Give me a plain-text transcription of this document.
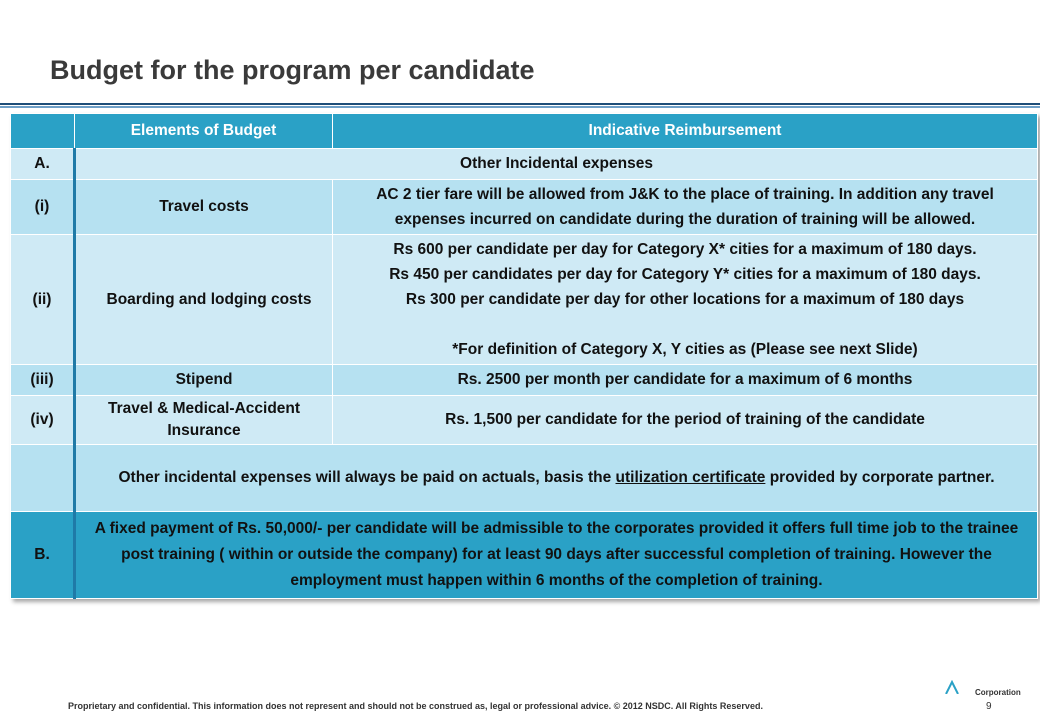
Budget for the program per candidate
	Elements of Budget	Indicative Reimbursement
A.	Other Incidental expenses	
(i)	Travel costs	AC 2 tier fare will be allowed from J&K to the place of training. In addition any travel expenses incurred on candidate during the duration of training will be allowed.
(ii)	Boarding and lodging costs	Rs 600 per candidate per day for Category X* cities for a maximum of 180 days.
Rs 450 per candidates per day for Category Y* cities for a maximum of 180 days.
Rs 300 per candidate per day for other locations for a maximum of 180 days
*For definition of Category X, Y cities as (Please see next Slide)

(iii)	Stipend	Rs. 2500 per month per candidate for a maximum of 6 months
(iv)	Travel & Medical-Accident Insurance	Rs. 1,500 per candidate for the period of training of the candidate
	Other incidental expenses will always be paid on actuals, basis the utilization certificate provided by corporate partner.	
B.	A fixed payment of Rs. 50,000/- per candidate will be admissible to the corporates provided it offers full time job to the trainee post training ( within or outside the company) for at least 90 days after successful completion of training. However the employment must happen within 6 months of the completion of training.	
Corporation
Proprietary and confidential. This information does not represent and should not be construed as, legal or professional advice. © 2012 NSDC. All Rights Reserved.	9
